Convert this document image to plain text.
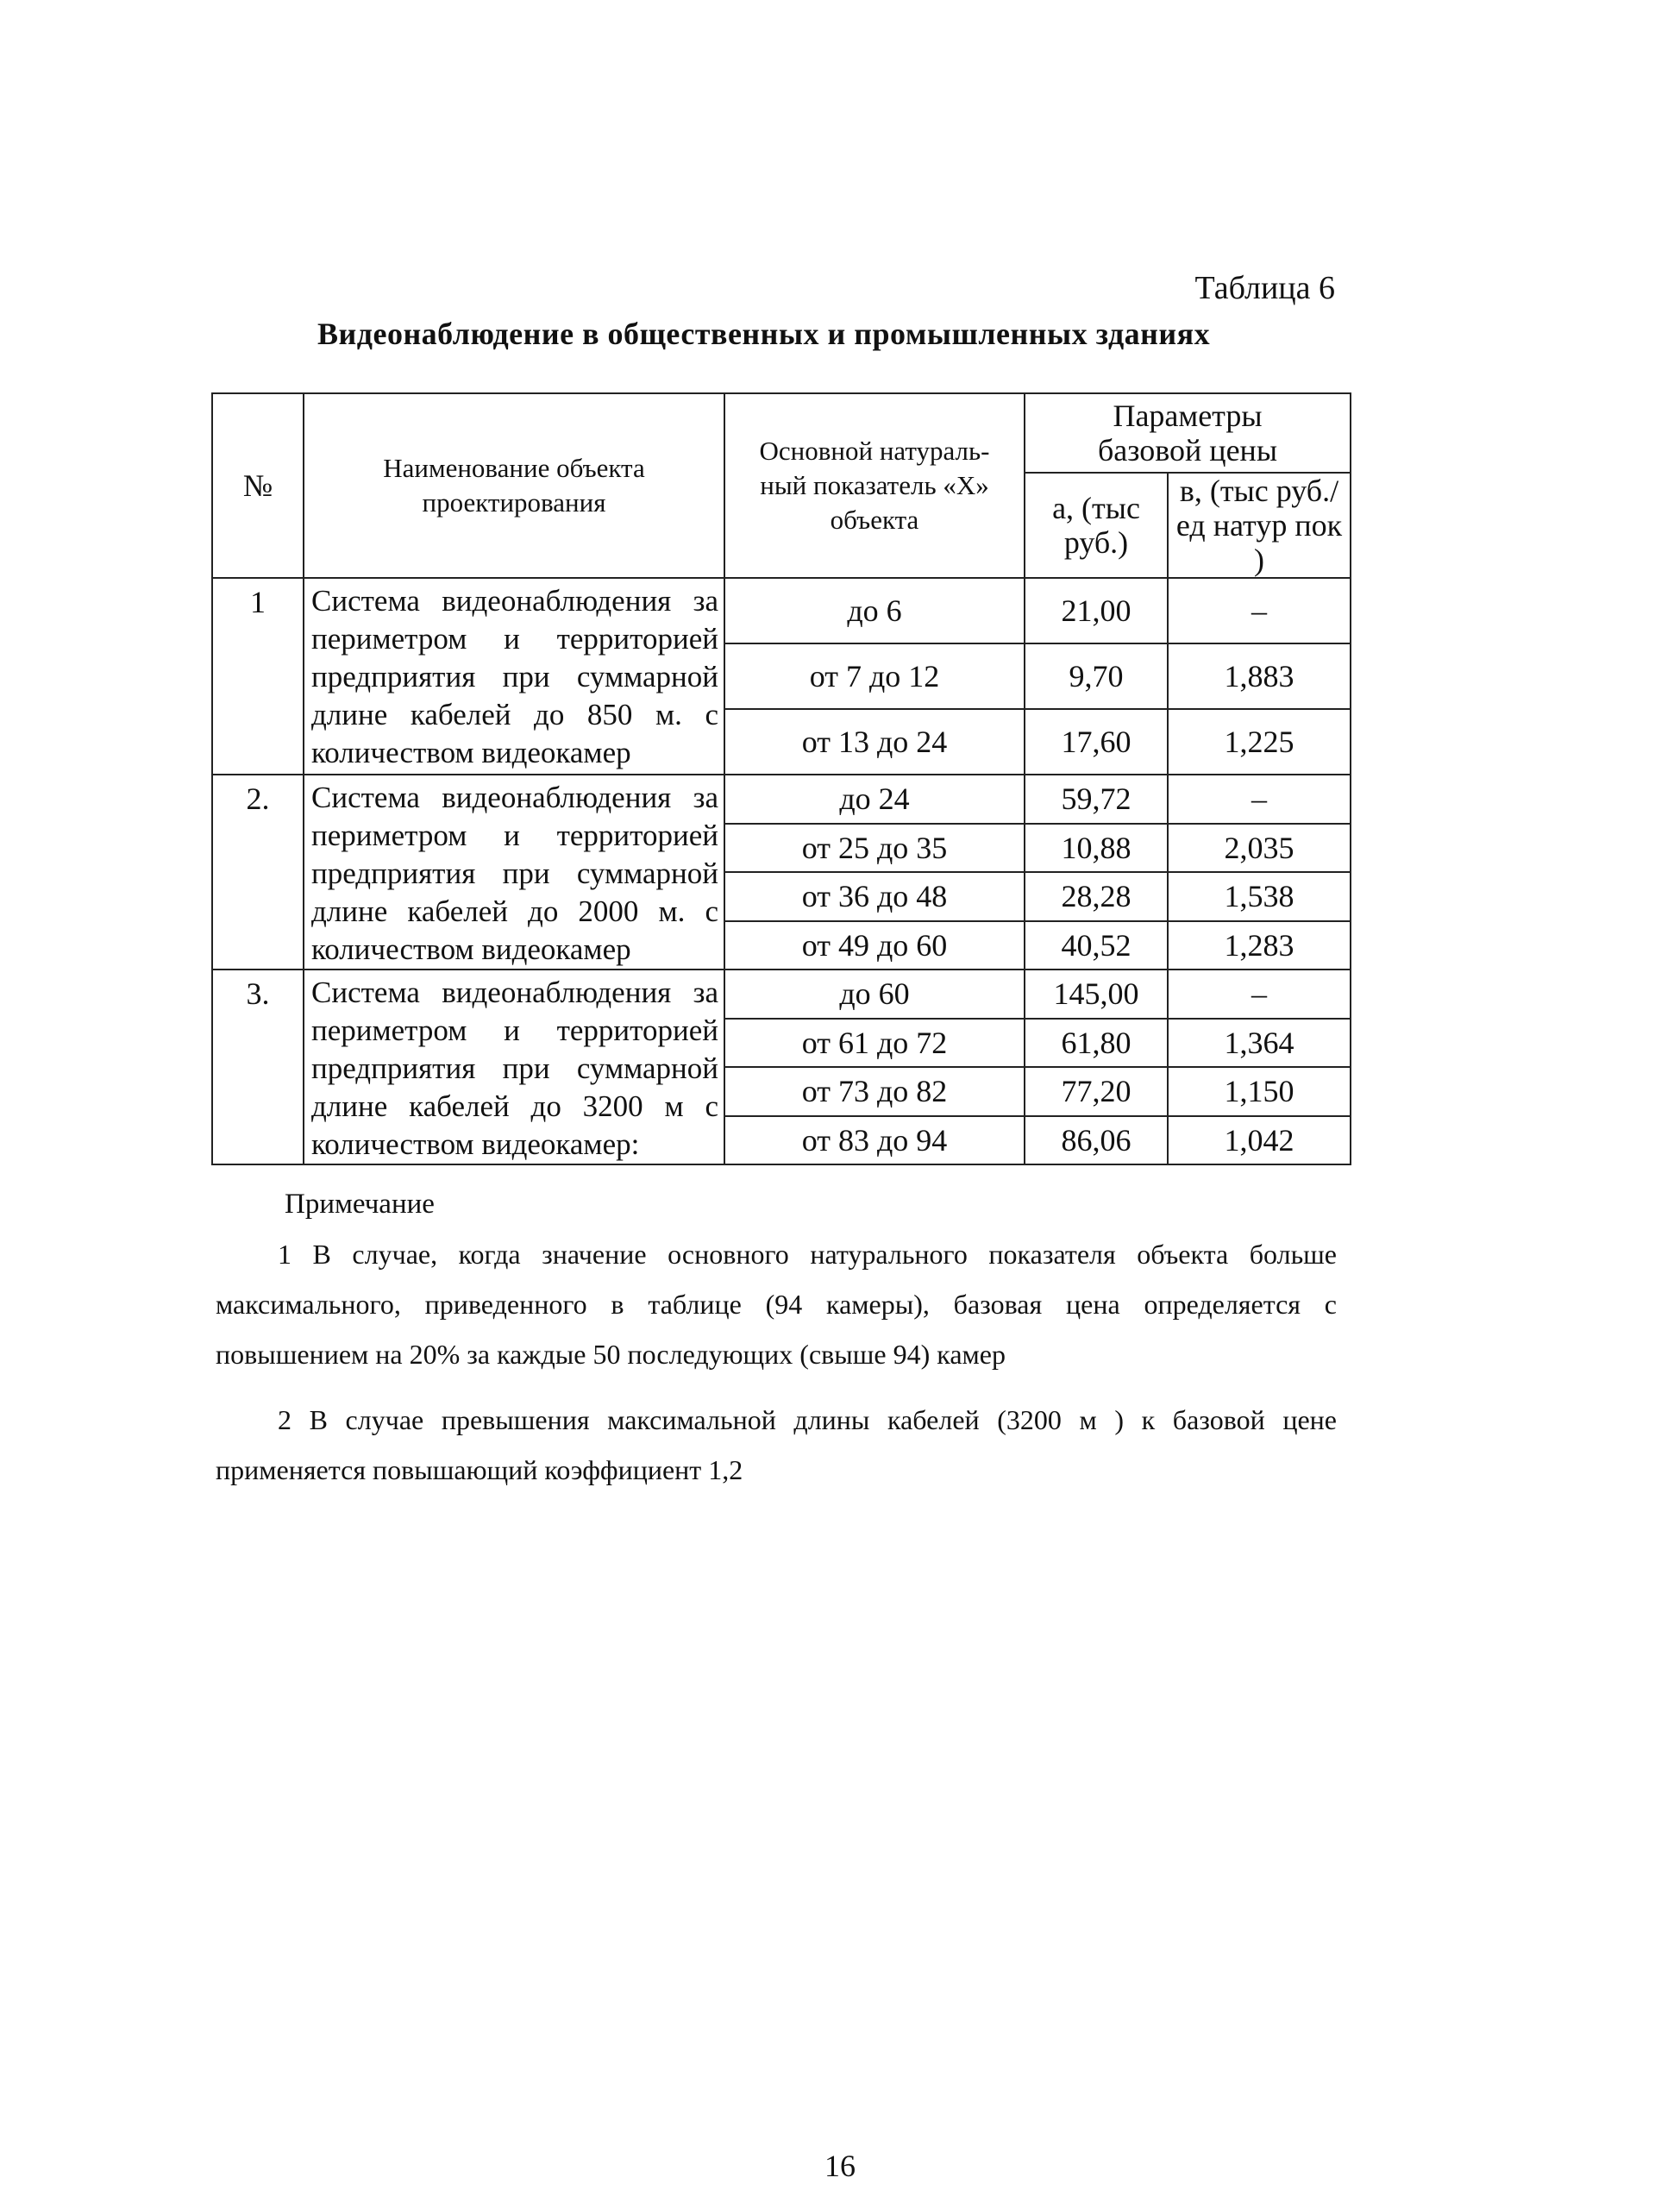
Таблица 6
Видеонаблюдение в общественных и промышленных зданиях
№	Наименование объекта проектирования	Основной натураль-ный показатель «Х» объекта	Параметры базовой цены	
			а, (тыс руб.)	в, (тыс руб./ед натур пок )
1	Система видеонаблюдения за периметром и территорией предприятия при суммарной длине кабелей до 850 м. с количеством видеокамер	до 6	21,00	–
		от 7 до 12	9,70	1,883
		от 13 до 24	17,60	1,225
2.	Система видеонаблюдения за периметром и территорией предприятия при суммарной длине кабелей до 2000 м. с количеством видеокамер	до 24	59,72	–
		от 25 до 35	10,88	2,035
		от 36 до 48	28,28	1,538
		от 49 до 60	40,52	1,283
3.	Система видеонаблюдения за периметром и территорией предприятия при суммарной длине кабелей до 3200 м с количеством видеокамер:	до 60	145,00	–
		от 61 до 72	61,80	1,364
		от 73 до 82	77,20	1,150
		от 83 до 94	86,06	1,042
Примечание
1 В случае, когда значение основного натурального показателя объекта больше максимального, приведенного в таблице (94 камеры), базовая цена определяется с повышением на 20% за каждые 50 последующих (свыше 94) камер
2 В случае превышения максимальной длины кабелей (3200 м ) к базовой цене применяется повышающий коэффициент 1,2
16
